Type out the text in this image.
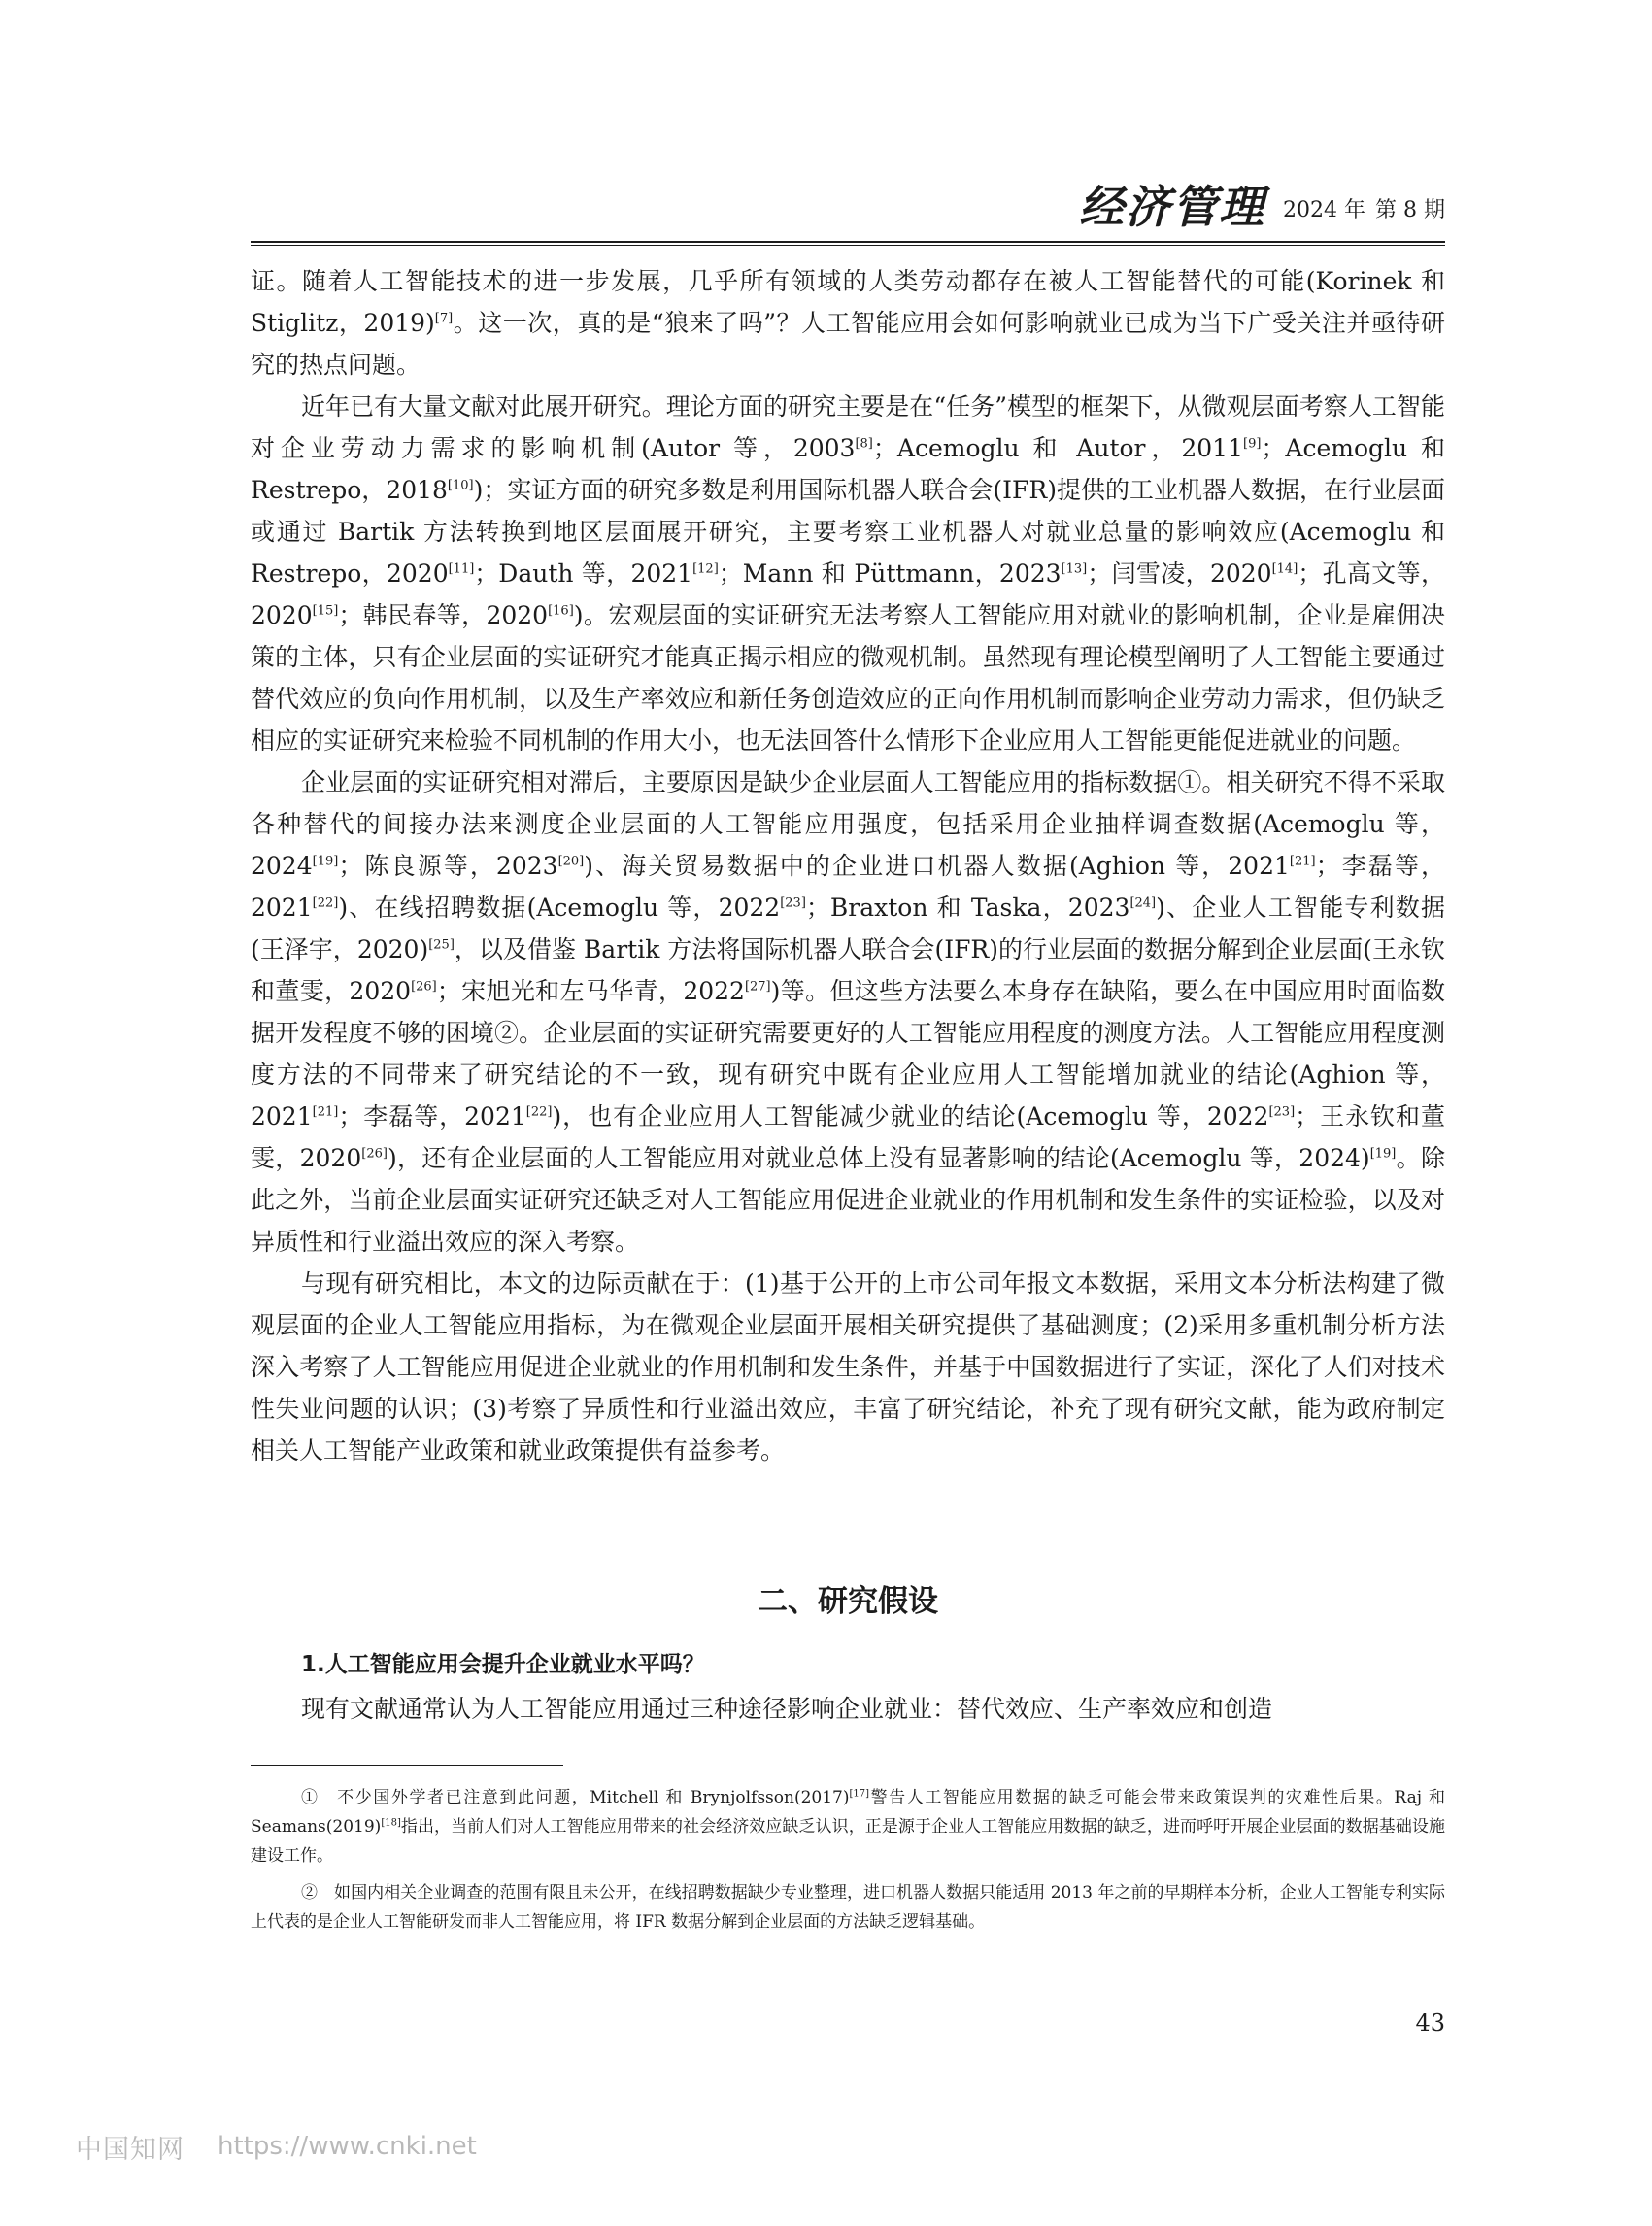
经济管理 2024 年 第 8 期

证。随着人工智能技术的进一步发展，几乎所有领域的人类劳动都存在被人工智能替代的可能(Korinek 和 Stiglitz，2019)[7]。这一次，真的是“狼来了吗”？人工智能应用会如何影响就业已成为当下广受关注并亟待研究的热点问题。

近年已有大量文献对此展开研究。理论方面的研究主要是在“任务”模型的框架下，从微观层面考察人工智能对企业劳动力需求的影响机制(Autor 等，2003[8]；Acemoglu 和 Autor，2011[9]；Acemoglu 和 Restrepo，2018[10])；实证方面的研究多数是利用国际机器人联合会(IFR)提供的工业机器人数据，在行业层面或通过 Bartik 方法转换到地区层面展开研究，主要考察工业机器人对就业总量的影响效应(Acemoglu 和 Restrepo，2020[11]；Dauth 等，2021[12]；Mann 和 Püttmann，2023[13]；闫雪凌，2020[14]；孔高文等，2020[15]；韩民春等，2020[16])。宏观层面的实证研究无法考察人工智能应用对就业的影响机制，企业是雇佣决策的主体，只有企业层面的实证研究才能真正揭示相应的微观机制。虽然现有理论模型阐明了人工智能主要通过替代效应的负向作用机制，以及生产率效应和新任务创造效应的正向作用机制而影响企业劳动力需求，但仍缺乏相应的实证研究来检验不同机制的作用大小，也无法回答什么情形下企业应用人工智能更能促进就业的问题。

企业层面的实证研究相对滞后，主要原因是缺少企业层面人工智能应用的指标数据①。相关研究不得不采取各种替代的间接办法来测度企业层面的人工智能应用强度，包括采用企业抽样调查数据(Acemoglu 等，2024[19]；陈良源等，2023[20])、海关贸易数据中的企业进口机器人数据(Aghion 等，2021[21]；李磊等，2021[22])、在线招聘数据(Acemoglu 等，2022[23]；Braxton 和 Taska，2023[24])、企业人工智能专利数据(王泽宇，2020)[25]，以及借鉴 Bartik 方法将国际机器人联合会(IFR)的行业层面的数据分解到企业层面(王永钦和董雯，2020[26]；宋旭光和左马华青，2022[27])等。但这些方法要么本身存在缺陷，要么在中国应用时面临数据开发程度不够的困境②。企业层面的实证研究需要更好的人工智能应用程度的测度方法。人工智能应用程度测度方法的不同带来了研究结论的不一致，现有研究中既有企业应用人工智能增加就业的结论(Aghion 等，2021[21]；李磊等，2021[22])，也有企业应用人工智能减少就业的结论(Acemoglu 等，2022[23]；王永钦和董雯，2020[26])，还有企业层面的人工智能应用对就业总体上没有显著影响的结论(Acemoglu 等，2024)[19]。除此之外，当前企业层面实证研究还缺乏对人工智能应用促进企业就业的作用机制和发生条件的实证检验，以及对异质性和行业溢出效应的深入考察。

与现有研究相比，本文的边际贡献在于：(1)基于公开的上市公司年报文本数据，采用文本分析法构建了微观层面的企业人工智能应用指标，为在微观企业层面开展相关研究提供了基础测度；(2)采用多重机制分析方法深入考察了人工智能应用促进企业就业的作用机制和发生条件，并基于中国数据进行了实证，深化了人们对技术性失业问题的认识；(3)考察了异质性和行业溢出效应，丰富了研究结论，补充了现有研究文献，能为政府制定相关人工智能产业政策和就业政策提供有益参考。

二、研究假设
1.人工智能应用会提升企业就业水平吗？

现有文献通常认为人工智能应用通过三种途径影响企业就业：替代效应、生产率效应和创造

①　不少国外学者已注意到此问题，Mitchell 和 Brynjolfsson(2017)[17]警告人工智能应用数据的缺乏可能会带来政策误判的灾难性后果。Raj 和 Seamans(2019)[18]指出，当前人们对人工智能应用带来的社会经济效应缺乏认识，正是源于企业人工智能应用数据的缺乏，进而呼吁开展企业层面的数据基础设施建设工作。

②　如国内相关企业调查的范围有限且未公开，在线招聘数据缺少专业整理，进口机器人数据只能适用 2013 年之前的早期样本分析，企业人工智能专利实际上代表的是企业人工智能研发而非人工智能应用，将 IFR 数据分解到企业层面的方法缺乏逻辑基础。

43
中国知网 https://www.cnki.net
